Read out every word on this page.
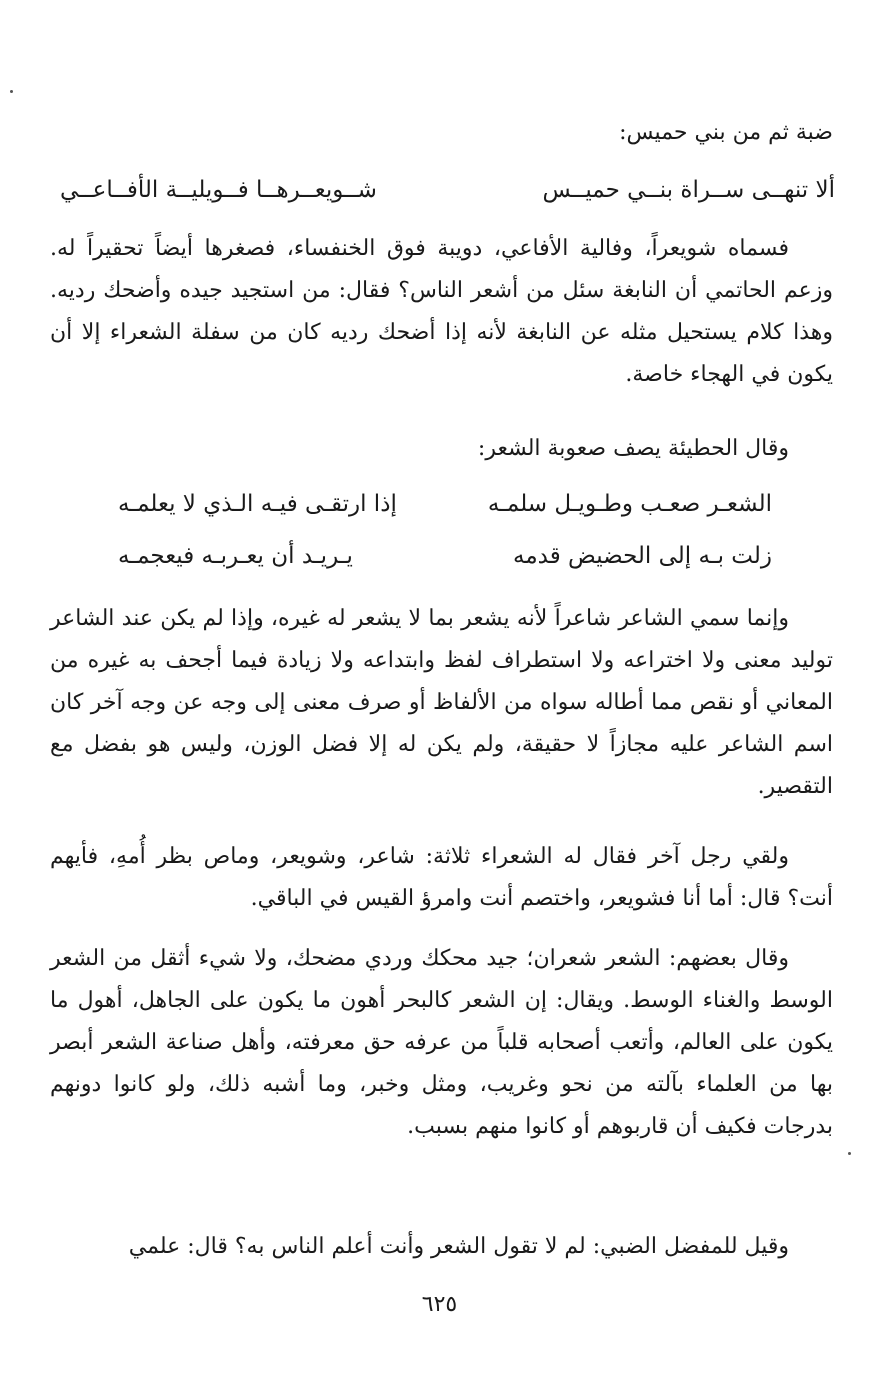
ضبة ثم من بني حميس:

ألا تنهــى ســراة بنــي حميــس
شــويعــرهــا فــويليــة الأفــاعــي

فسماه شويعراً، وفالية الأفاعي، دويبة فوق الخنفساء، فصغرها أيضاً تحقيراً له. وزعم الحاتمي أن النابغة سئل من أشعر الناس؟ فقال: من استجيد جيده وأضحك رديه. وهذا كلام يستحيل مثله عن النابغة لأنه إذا أضحك رديه كان من سفلة الشعراء إلا أن يكون في الهجاء خاصة.

وقال الحطيئة يصف صعوبة الشعر:

الشعـر صعـب وطـويـل سلمـه
إذا ارتقـى فيـه الـذي لا يعلمـه
زلت بـه إلى الحضيض قدمه
يـريـد أن يعـربـه فيعجمـه

وإنما سمي الشاعر شاعراً لأنه يشعر بما لا يشعر له غيره، وإذا لم يكن عند الشاعر توليد معنى ولا اختراعه ولا استطراف لفظ وابتداعه ولا زيادة فيما أجحف به غيره من المعاني أو نقص مما أطاله سواه من الألفاظ أو صرف معنى إلى وجه عن وجه آخر كان اسم الشاعر عليه مجازاً لا حقيقة، ولم يكن له إلا فضل الوزن، وليس هو بفضل مع التقصير.

ولقي رجل آخر فقال له الشعراء ثلاثة: شاعر، وشويعر، وماص بظر أُمهِ، فأيهم أنت؟ قال: أما أنا فشويعر، واختصم أنت وامرؤ القيس في الباقي.

وقال بعضهم: الشعر شعران؛ جيد محكك وردي مضحك، ولا شيء أثقل من الشعر الوسط والغناء الوسط. ويقال: إن الشعر كالبحر أهون ما يكون على الجاهل، أهول ما يكون على العالم، وأتعب أصحابه قلباً من عرفه حق معرفته، وأهل صناعة الشعر أبصر بها من العلماء بآلته من نحو وغريب، ومثل وخبر، وما أشبه ذلك، ولو كانوا دونهم بدرجات فكيف أن قاربوهم أو كانوا منهم بسبب.

وقيل للمفضل الضبي: لم لا تقول الشعر وأنت أعلم الناس به؟ قال: علمي

٦٢٥
